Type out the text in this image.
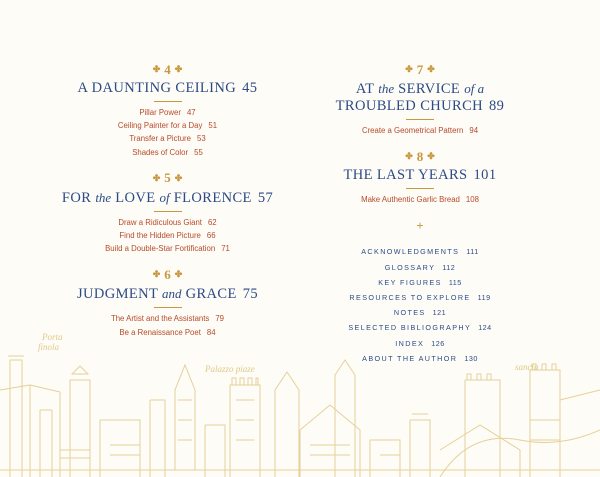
✤ 4 ✤
A DAUNTING CEILING 45
Pillar Power 47
Ceiling Painter for a Day 51
Transfer a Picture 53
Shades of Color 55
✤ 5 ✤
FOR the LOVE of FLORENCE 57
Draw a Ridiculous Giant 62
Find the Hidden Picture 66
Build a Double-Star Fortification 71
✤ 6 ✤
JUDGMENT and GRACE 75
The Artist and the Assistants 79
Be a Renaissance Poet 84
✤ 7 ✤
AT the SERVICE of a
TROUBLED CHURCH 89
Create a Geometrical Pattern 94
✤ 8 ✤
THE LAST YEARS 101
Make Authentic Garlic Bread 108
+
ACKNOWLEDGMENTS 111
GLOSSARY 112
KEY FIGURES 115
RESOURCES TO EXPLORE 119
NOTES 121
SELECTED BIBLIOGRAPHY 124
INDEX 126
ABOUT THE AUTHOR 130
Porta
finola
Palazzo piaze	sancta
